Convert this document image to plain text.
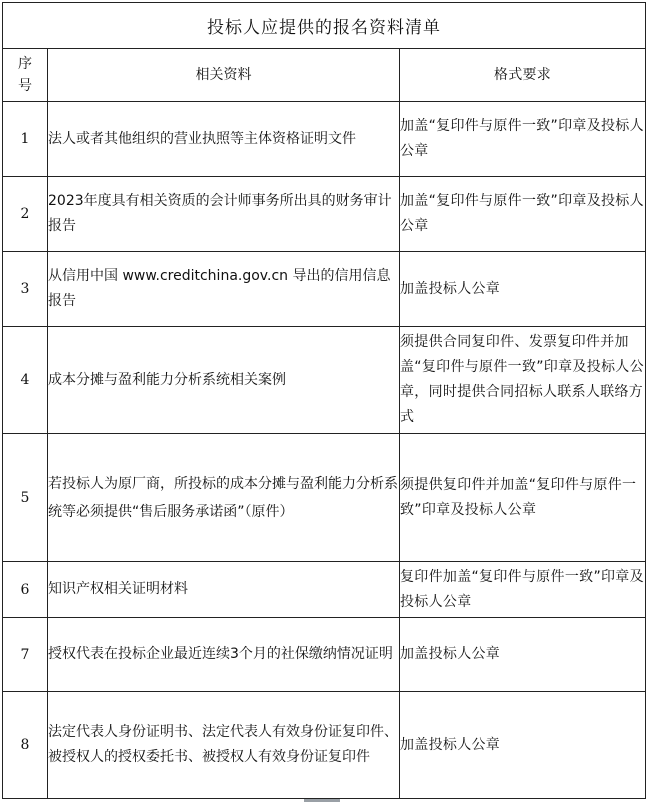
投标人应提供的报名资料清单		
序号	相关资料	格式要求
1	法人或者其他组织的营业执照等主体资格证明文件	加盖“复印件与原件一致”印章及投标人公章
2	2023年度具有相关资质的会计师事务所出具的财务审计报告	加盖“复印件与原件一致”印章及投标人公章
3	从信用中国 www.creditchina.gov.cn 导出的信用信息报告	加盖投标人公章
4	成本分摊与盈利能力分析系统相关案例	须提供合同复印件、发票复印件并加盖“复印件与原件一致”印章及投标人公章，同时提供合同招标人联系人联络方式
5	若投标人为原厂商，所投标的成本分摊与盈利能力分析系统等必须提供“售后服务承诺函”（原件）	须提供复印件并加盖“复印件与原件一致”印章及投标人公章
6	知识产权相关证明材料	复印件加盖“复印件与原件一致”印章及投标人公章
7	授权代表在投标企业最近连续3个月的社保缴纳情况证明	加盖投标人公章
8	法定代表人身份证明书、法定代表人有效身份证复印件、被授权人的授权委托书、被授权人有效身份证复印件	加盖投标人公章
